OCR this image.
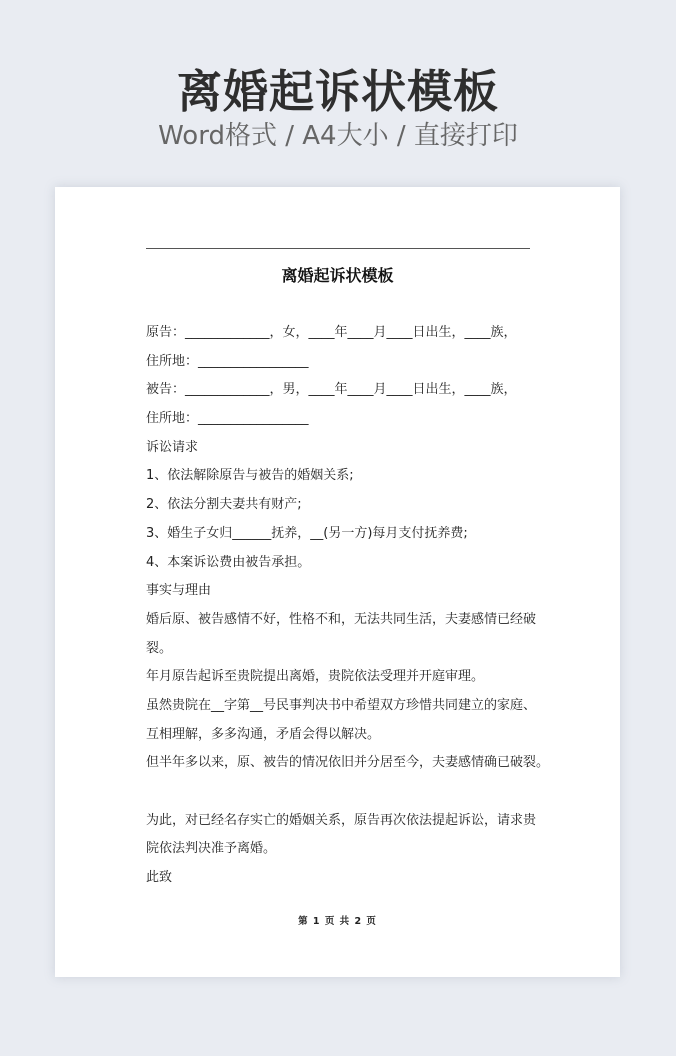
离婚起诉状模板
Word格式 / A4大小 / 直接打印
离婚起诉状模板
原告：_____________，女，____年____月____日出生，____族，
住所地：_________________
被告：_____________，男，____年____月____日出生，____族，
住所地：_________________
诉讼请求
1、依法解除原告与被告的婚姻关系;
2、依法分割夫妻共有财产;
3、婚生子女归______抚养，__(另一方)每月支付抚养费;
4、本案诉讼费由被告承担。
事实与理由
婚后原、被告感情不好，性格不和，无法共同生活，夫妻感情已经破
裂。
年月原告起诉至贵院提出离婚，贵院依法受理并开庭审理。
虽然贵院在__字第__号民事判决书中希望双方珍惜共同建立的家庭、
互相理解，多多沟通，矛盾会得以解决。
但半年多以来，原、被告的情况依旧并分居至今，夫妻感情确已破裂。
为此，对已经名存实亡的婚姻关系，原告再次依法提起诉讼，请求贵
院依法判决准予离婚。
此致
第 1 页 共 2 页
